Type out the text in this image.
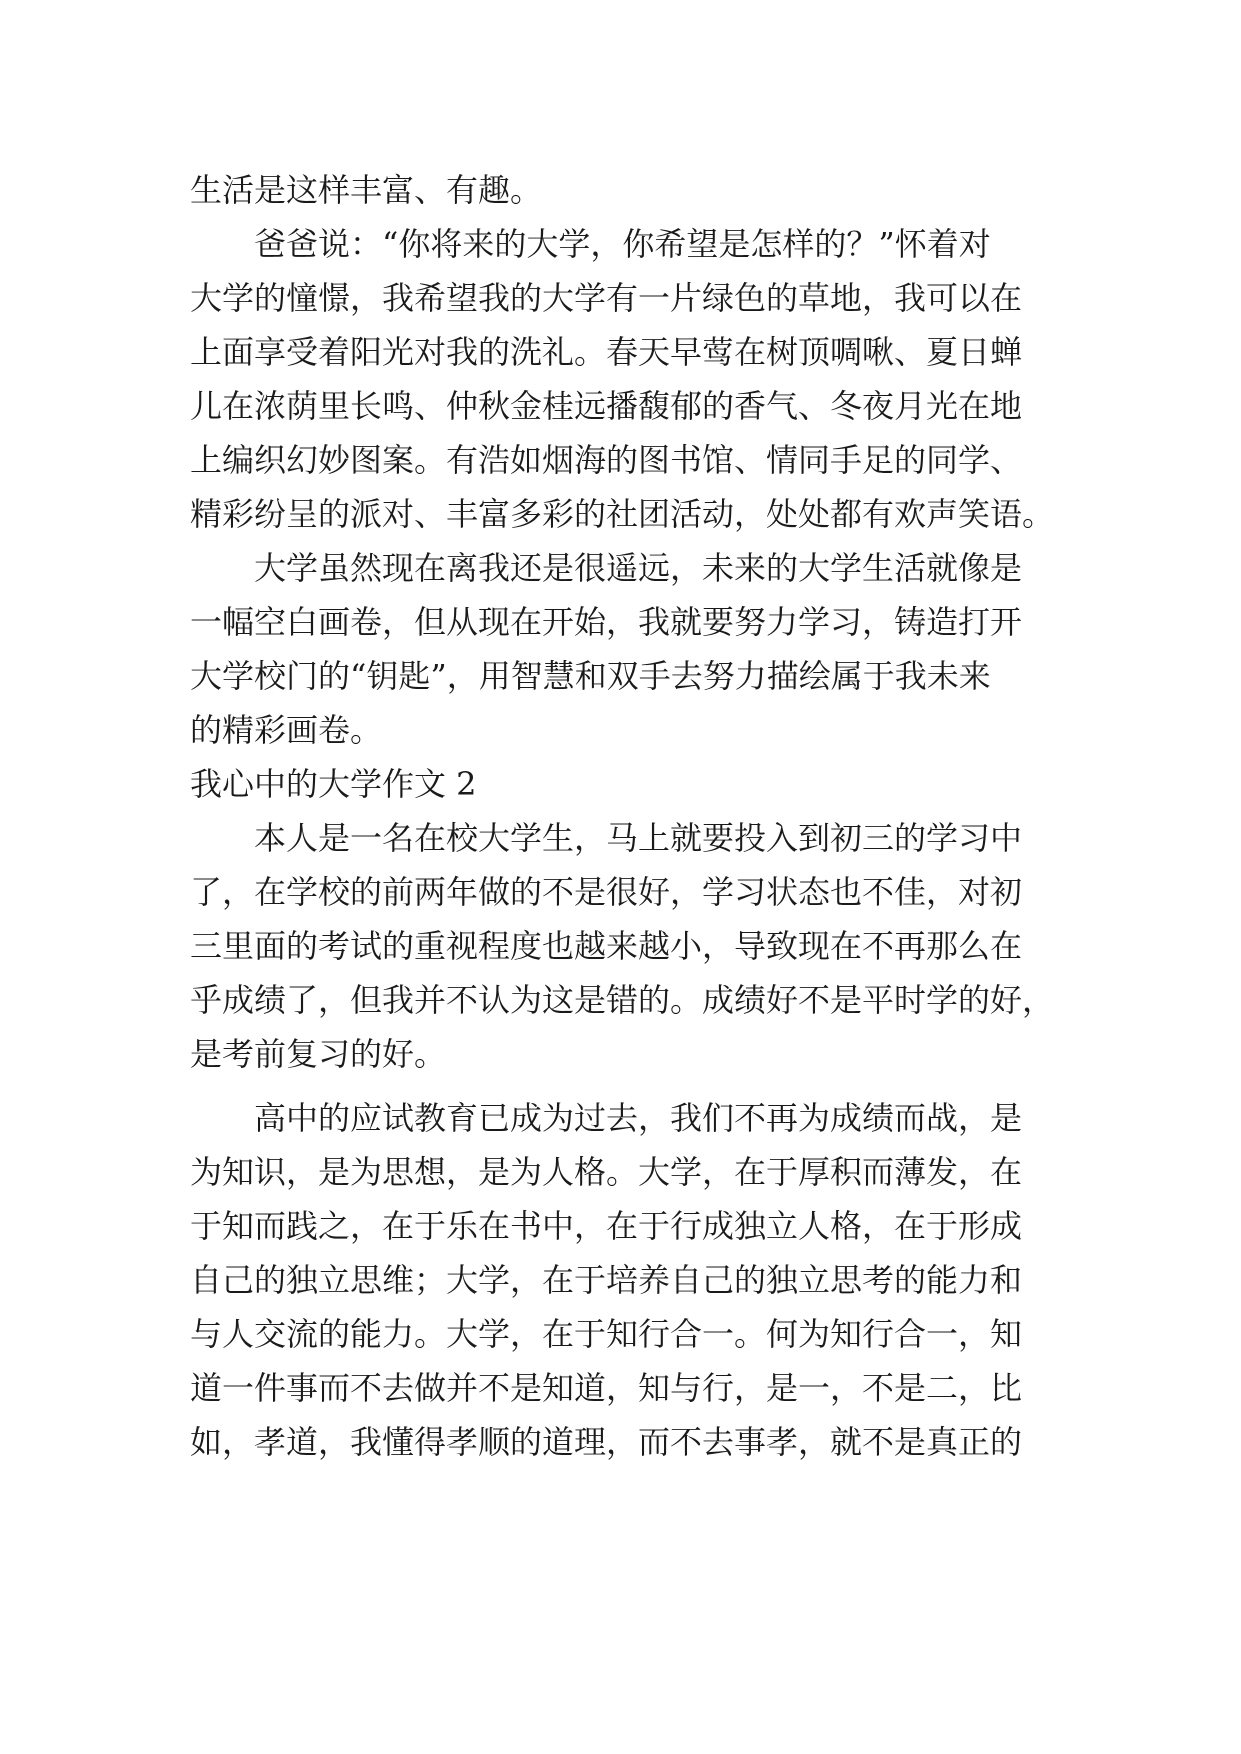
生活是这样丰富、有趣。
爸爸说：“你将来的大学，你希望是怎样的？”怀着对
大学的憧憬，我希望我的大学有一片绿色的草地，我可以在
上面享受着阳光对我的洗礼。春天早莺在树顶啁啾、夏日蝉
儿在浓荫里长鸣、仲秋金桂远播馥郁的香气、冬夜月光在地
上编织幻妙图案。有浩如烟海的图书馆、情同手足的同学、
精彩纷呈的派对、丰富多彩的社团活动，处处都有欢声笑语。
大学虽然现在离我还是很遥远，未来的大学生活就像是
一幅空白画卷，但从现在开始，我就要努力学习，铸造打开
大学校门的“钥匙”，用智慧和双手去努力描绘属于我未来
的精彩画卷。
我心中的大学作文 2
本人是一名在校大学生，马上就要投入到初三的学习中
了，在学校的前两年做的不是很好，学习状态也不佳，对初
三里面的考试的重视程度也越来越小，导致现在不再那么在
乎成绩了，但我并不认为这是错的。成绩好不是平时学的好，
是考前复习的好。
高中的应试教育已成为过去，我们不再为成绩而战，是
为知识，是为思想，是为人格。大学，在于厚积而薄发，在
于知而践之，在于乐在书中，在于行成独立人格，在于形成
自己的独立思维；大学，在于培养自己的独立思考的能力和
与人交流的能力。大学，在于知行合一。何为知行合一，知
道一件事而不去做并不是知道，知与行，是一，不是二，比
如，孝道，我懂得孝顺的道理，而不去事孝，就不是真正的
